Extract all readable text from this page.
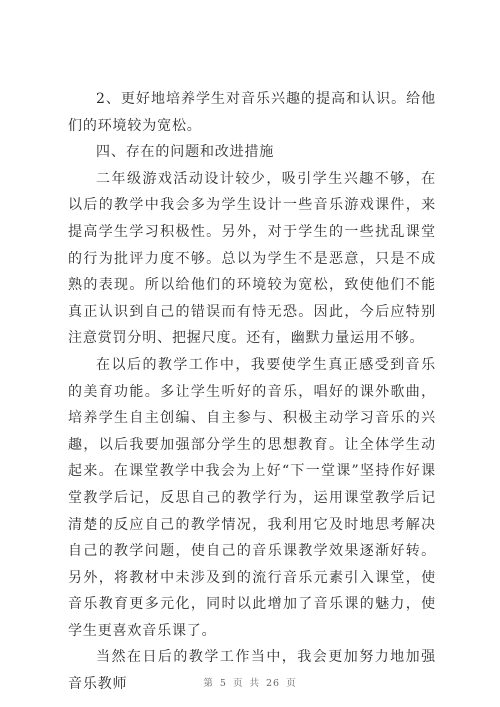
2、更好地培养学生对音乐兴趣的提高和认识。给他们的环境较为宽松。

四、存在的问题和改进措施

二年级游戏活动设计较少，吸引学生兴趣不够，在以后的教学中我会多为学生设计一些音乐游戏课件，来提高学生学习积极性。另外，对于学生的一些扰乱课堂的行为批评力度不够。总以为学生不是恶意，只是不成熟的表现。所以给他们的环境较为宽松，致使他们不能真正认识到自己的错误而有恃无恐。因此，今后应特别注意赏罚分明、把握尺度。还有，幽默力量运用不够。

在以后的教学工作中，我要使学生真正感受到音乐的美育功能。多让学生听好的音乐，唱好的课外歌曲，培养学生自主创编、自主参与、积极主动学习音乐的兴趣，以后我要加强部分学生的思想教育。让全体学生动起来。在课堂教学中我会为上好“下一堂课”坚持作好课堂教学后记，反思自己的教学行为，运用课堂教学后记清楚的反应自己的教学情况，我利用它及时地思考解决自己的教学问题，使自己的音乐课教学效果逐渐好转。另外，将教材中未涉及到的流行音乐元素引入课堂，使音乐教育更多元化，同时以此增加了音乐课的魅力，使学生更喜欢音乐课了。

当然在日后的教学工作当中，我会更加努力地加强音乐教师	第 5 页 共 26 页
